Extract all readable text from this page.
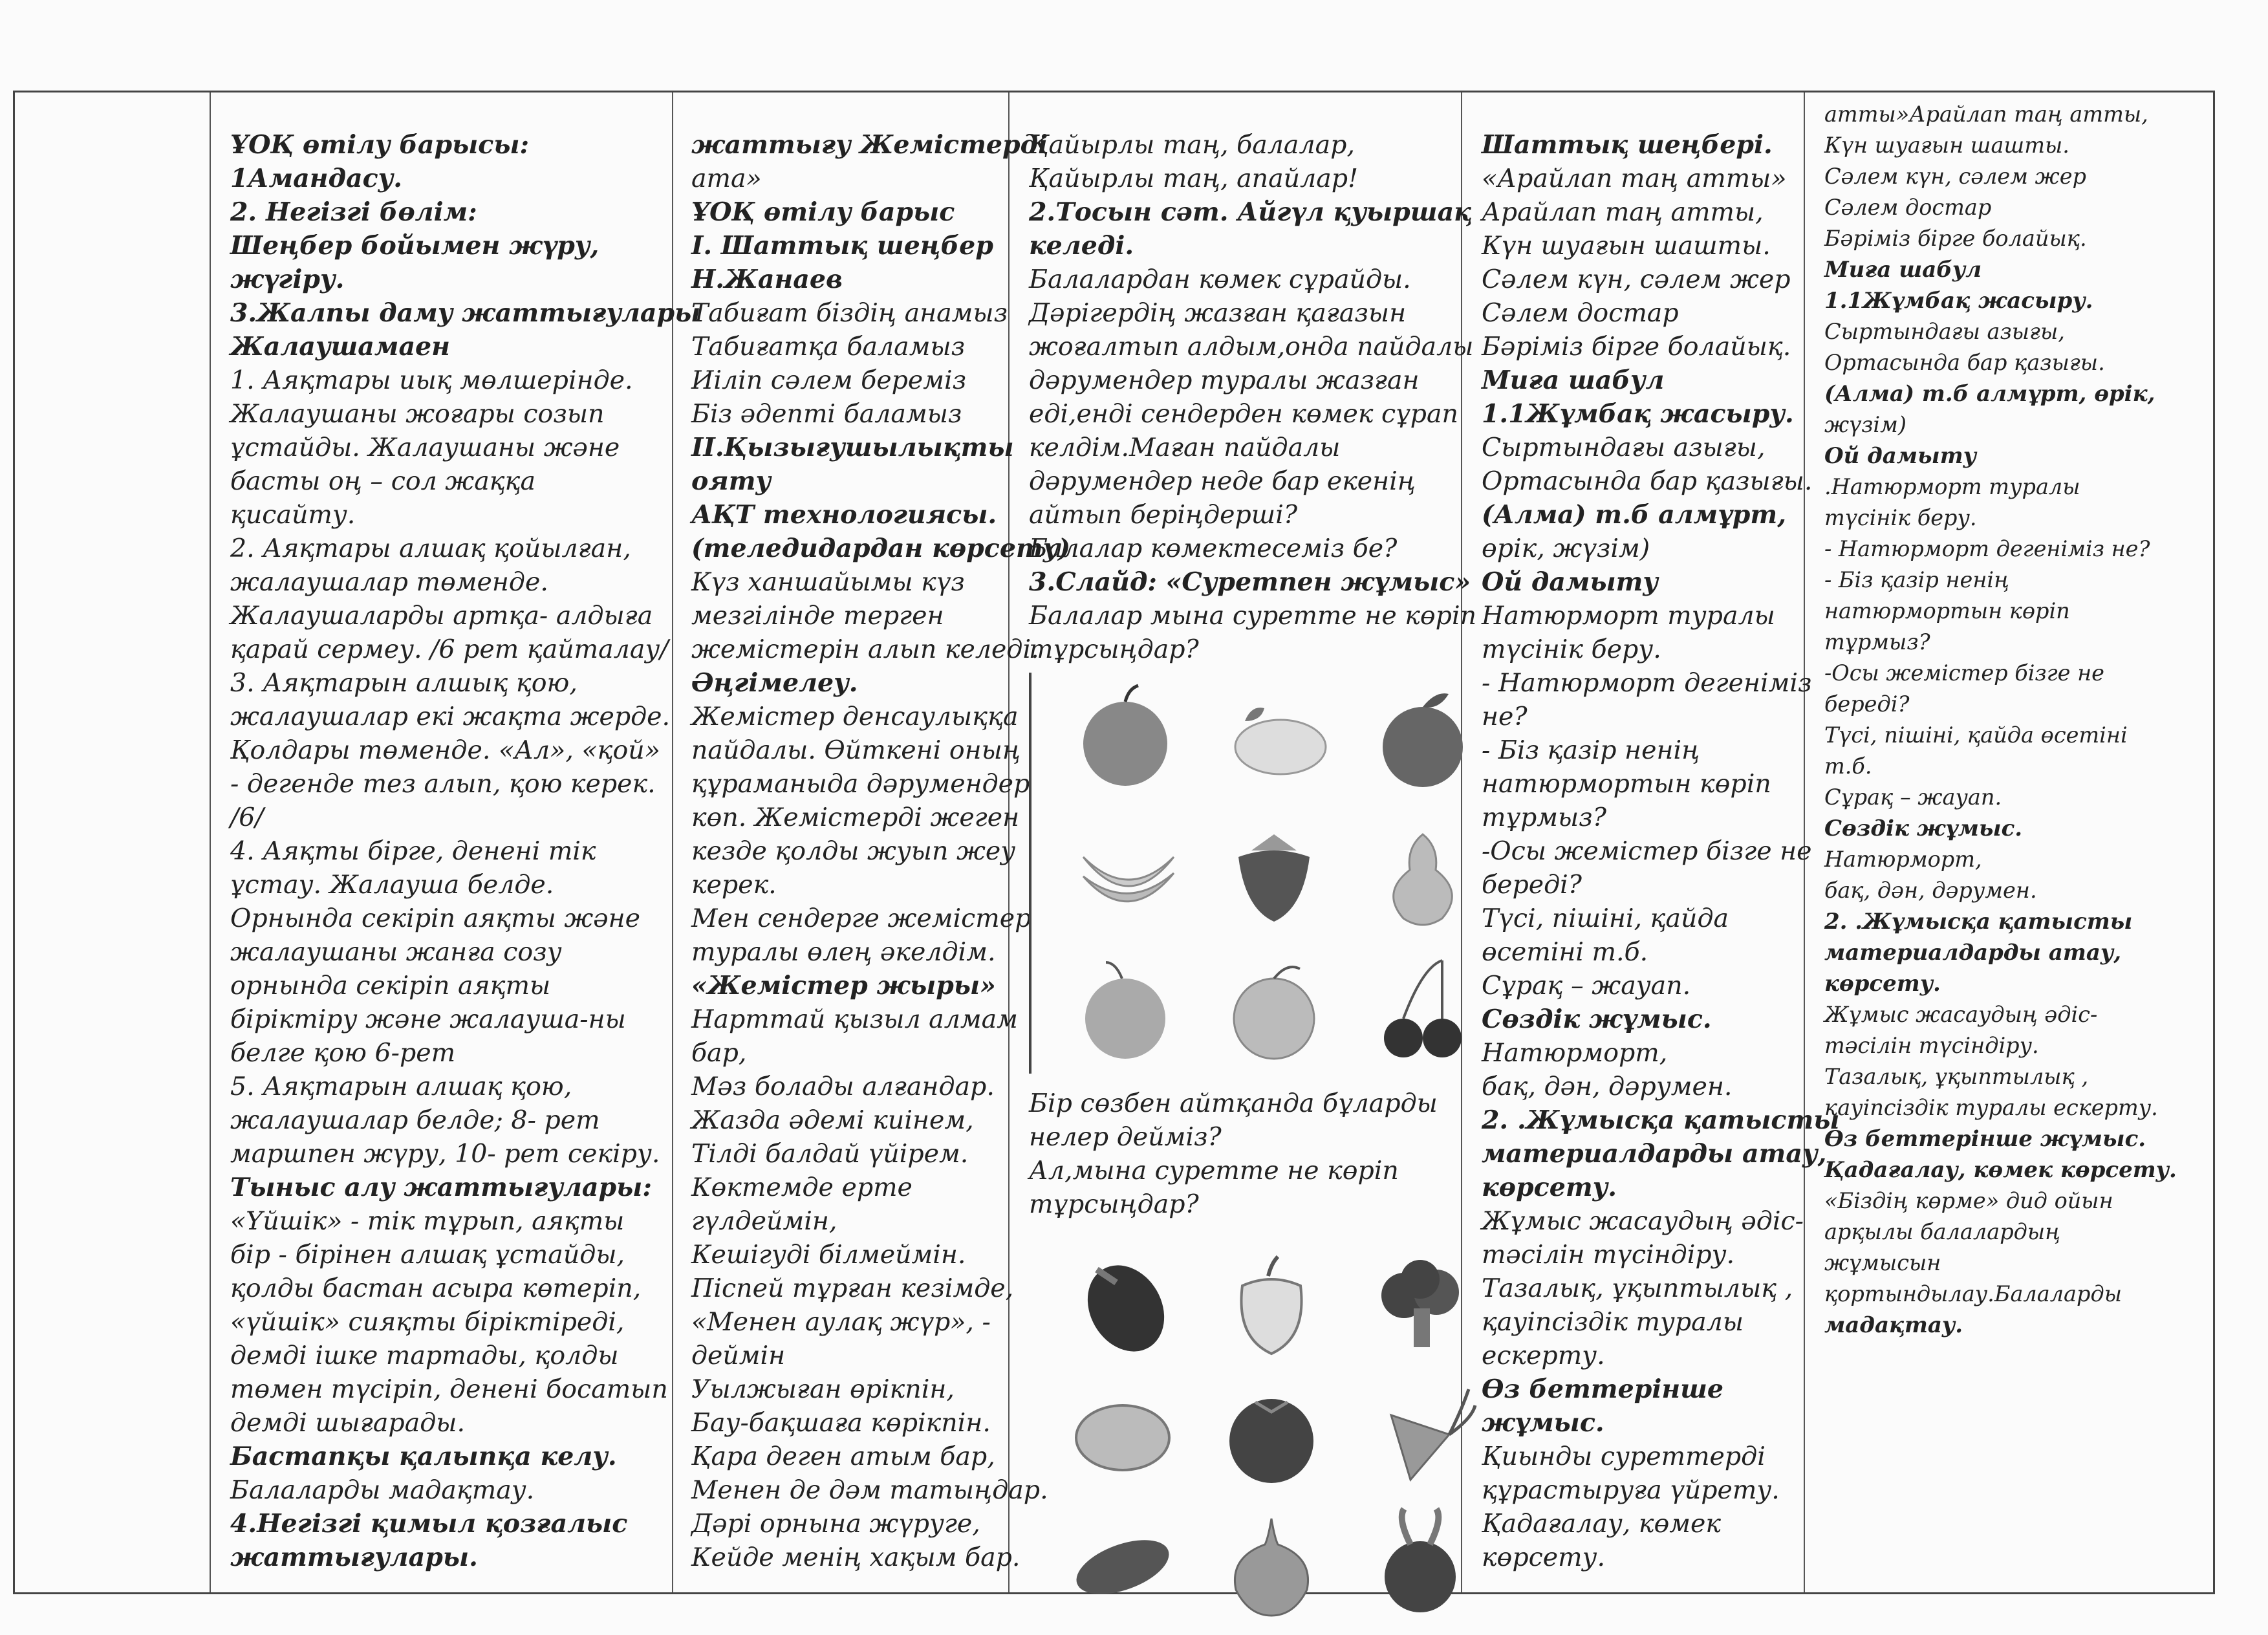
ҰОҚ өтілу барысы:
1Амандасу.
2. Негізгі бөлім:
Шеңбер бойымен жүру,
жүгіру.
3.Жалпы даму жаттығулары
Жалаушамаен
1. Аяқтары иық мөлшерінде.
Жалаушаны жоғары созып
ұстайды. Жалаушаны және
басты оң – сол жаққа
қисайту.
2. Аяқтары алшақ қойылған,
жалаушалар төменде.
Жалаушаларды артқа- алдыға
қарай сермеу. /6 рет қайталау/
3. Аяқтарын алшық қою,
жалаушалар екі жақта жерде.
Қолдары төменде. «Ал», «қой»
- дегенде тез алып, қою керек.
/6/
4. Аяқты бірге, денені тік
ұстау. Жалауша белде.
Орнында секіріп аяқты және
жалаушаны жанға созу
орнында секіріп аяқты
біріктіру және жалауша-ны
белге қою 6-рет
5. Аяқтарын алшақ қою,
жалаушалар белде; 8- рет
маршпен жүру, 10- рет секіру.
Тыныс алу жаттығулары:
«Үйшік» - тік тұрып, аяқты
бір - бірінен алшақ ұстайды,
қолды бастан асыра көтеріп,
«үйшік» сияқты біріктіреді,
демді ішке тартады, қолды
төмен түсіріп, денені босатып
демді шығарады.
Бастапқы қалыпқа келу.
Балаларды мадақтау.
4.Негізгі қимыл қозғалыс
жаттығулары.
жаттығу Жемістерді
ата»
ҰОҚ өтілу барыс
I. Шаттық шеңбер
Н.Жанаев
Табиғат біздің анамыз
Табиғатқа баламыз
Иіліп сәлем береміз
Біз әдепті баламыз
II.Қызығушылықты
ояту
АҚТ технологиясы.
(теледидардан көрсету)
Күз ханшайымы күз
мезгілінде терген
жемістерін алып келеді.
Әңгімелеу.
Жемістер денсаулыққа
пайдалы. Өйткені оның
құраманыда дәрумендер
көп. Жемістерді жеген
кезде қолды жуып жеу
керек.
Мен сендерге жемістер
туралы өлең әкелдім.
«Жемістер жыры»
Нарттай қызыл алмам
бар,
Мәз болады алғандар.
Жазда әдемі киінем,
Тілді балдай үйірем.
Көктемде ерте
гүлдеймін,
Кешігуді білмеймін.
Піспей тұрған кезімде,
«Менен аулақ жүр», -
деймін
Уылжыған өрікпін,
Бау-бақшаға көрікпін.
Қара деген атым бар,
Менен де дәм татыңдар.
Дәрі орнына жүруге,
Кейде менің хақым бар.
Қайырлы таң, балалар,
Қайырлы таң, апайлар!
2.Тосын сәт. Айгүл қуыршақ
келеді.
Балалардан көмек сұрайды.
Дәрігердің жазған қағазын
жоғалтып алдым,онда пайдалы
дәрумендер туралы жазған
еді,енді сендерден көмек сұрап
келдім.Маған пайдалы
дәрумендер неде бар екенің
айтып беріңдерші?
Балалар көмектесеміз бе?
3.Слайд: «Суретпен жұмыс»
Балалар мына суретте не көріп
тұрсыңдар?
Бір сөзбен айтқанда бұларды
нелер дейміз?
Ал,мына суретте не көріп
тұрсыңдар?
Шаттық шеңбері.
«Арайлап таң атты»
Арайлап таң атты,
Күн шуағын шашты.
Сәлем күн, сәлем жер
Сәлем достар
Бәріміз бірге болайық.
Миға шабул
1.1Жұмбақ жасыру.
Сыртындағы азығы,
Ортасында бар қазығы.
(Алма) т.б алмұрт,
өрік, жүзім)
Ой дамыту
Натюрморт туралы
түсінік беру.
- Натюрморт дегеніміз
не?
- Біз қазір ненің
натюрмортын көріп
тұрмыз?
-Осы жемістер бізге не
береді?
Түсі, пішіні, қайда
өсетіні т.б.
Сұрақ – жауап.
Сөздік жұмыс.
Натюрморт,
бақ, дән, дәрумен.
2. .Жұмысқа қатысты
материалдарды атау,
көрсету.
Жұмыс жасаудың әдіс-
тәсілін түсіндіру.
Тазалық, ұқыптылық ,
қауіпсіздік туралы
ескерту.
Өз беттерінше
жұмыс.
Қиынды суреттерді
құрастыруға үйрету.
Қадағалау, көмек
көрсету.
атты»Арайлап таң атты,
Күн шуағын шашты.
Сәлем күн, сәлем жер
Сәлем достар
Бәріміз бірге болайық.
Миға шабул
1.1Жұмбақ жасыру.
Сыртындағы азығы,
Ортасында бар қазығы.
(Алма) т.б алмұрт, өрік,
жүзім)
Ой дамыту
.Натюрморт туралы
түсінік беру.
- Натюрморт дегеніміз не?
- Біз қазір ненің
натюрмортын көріп
тұрмыз?
-Осы жемістер бізге не
береді?
Түсі, пішіні, қайда өсетіні
т.б.
Сұрақ – жауап.
Сөздік жұмыс.
Натюрморт,
бақ, дән, дәрумен.
2. .Жұмысқа қатысты
материалдарды атау,
көрсету.
Жұмыс жасаудың әдіс-
тәсілін түсіндіру.
Тазалық, ұқыптылық ,
қауіпсіздік туралы ескерту.
Өз беттерінше жұмыс.
Қадағалау, көмек көрсету.
«Біздің көрме» дид ойын
арқылы балалардың
жұмысын
қортындылау.Балаларды
мадақтау.
